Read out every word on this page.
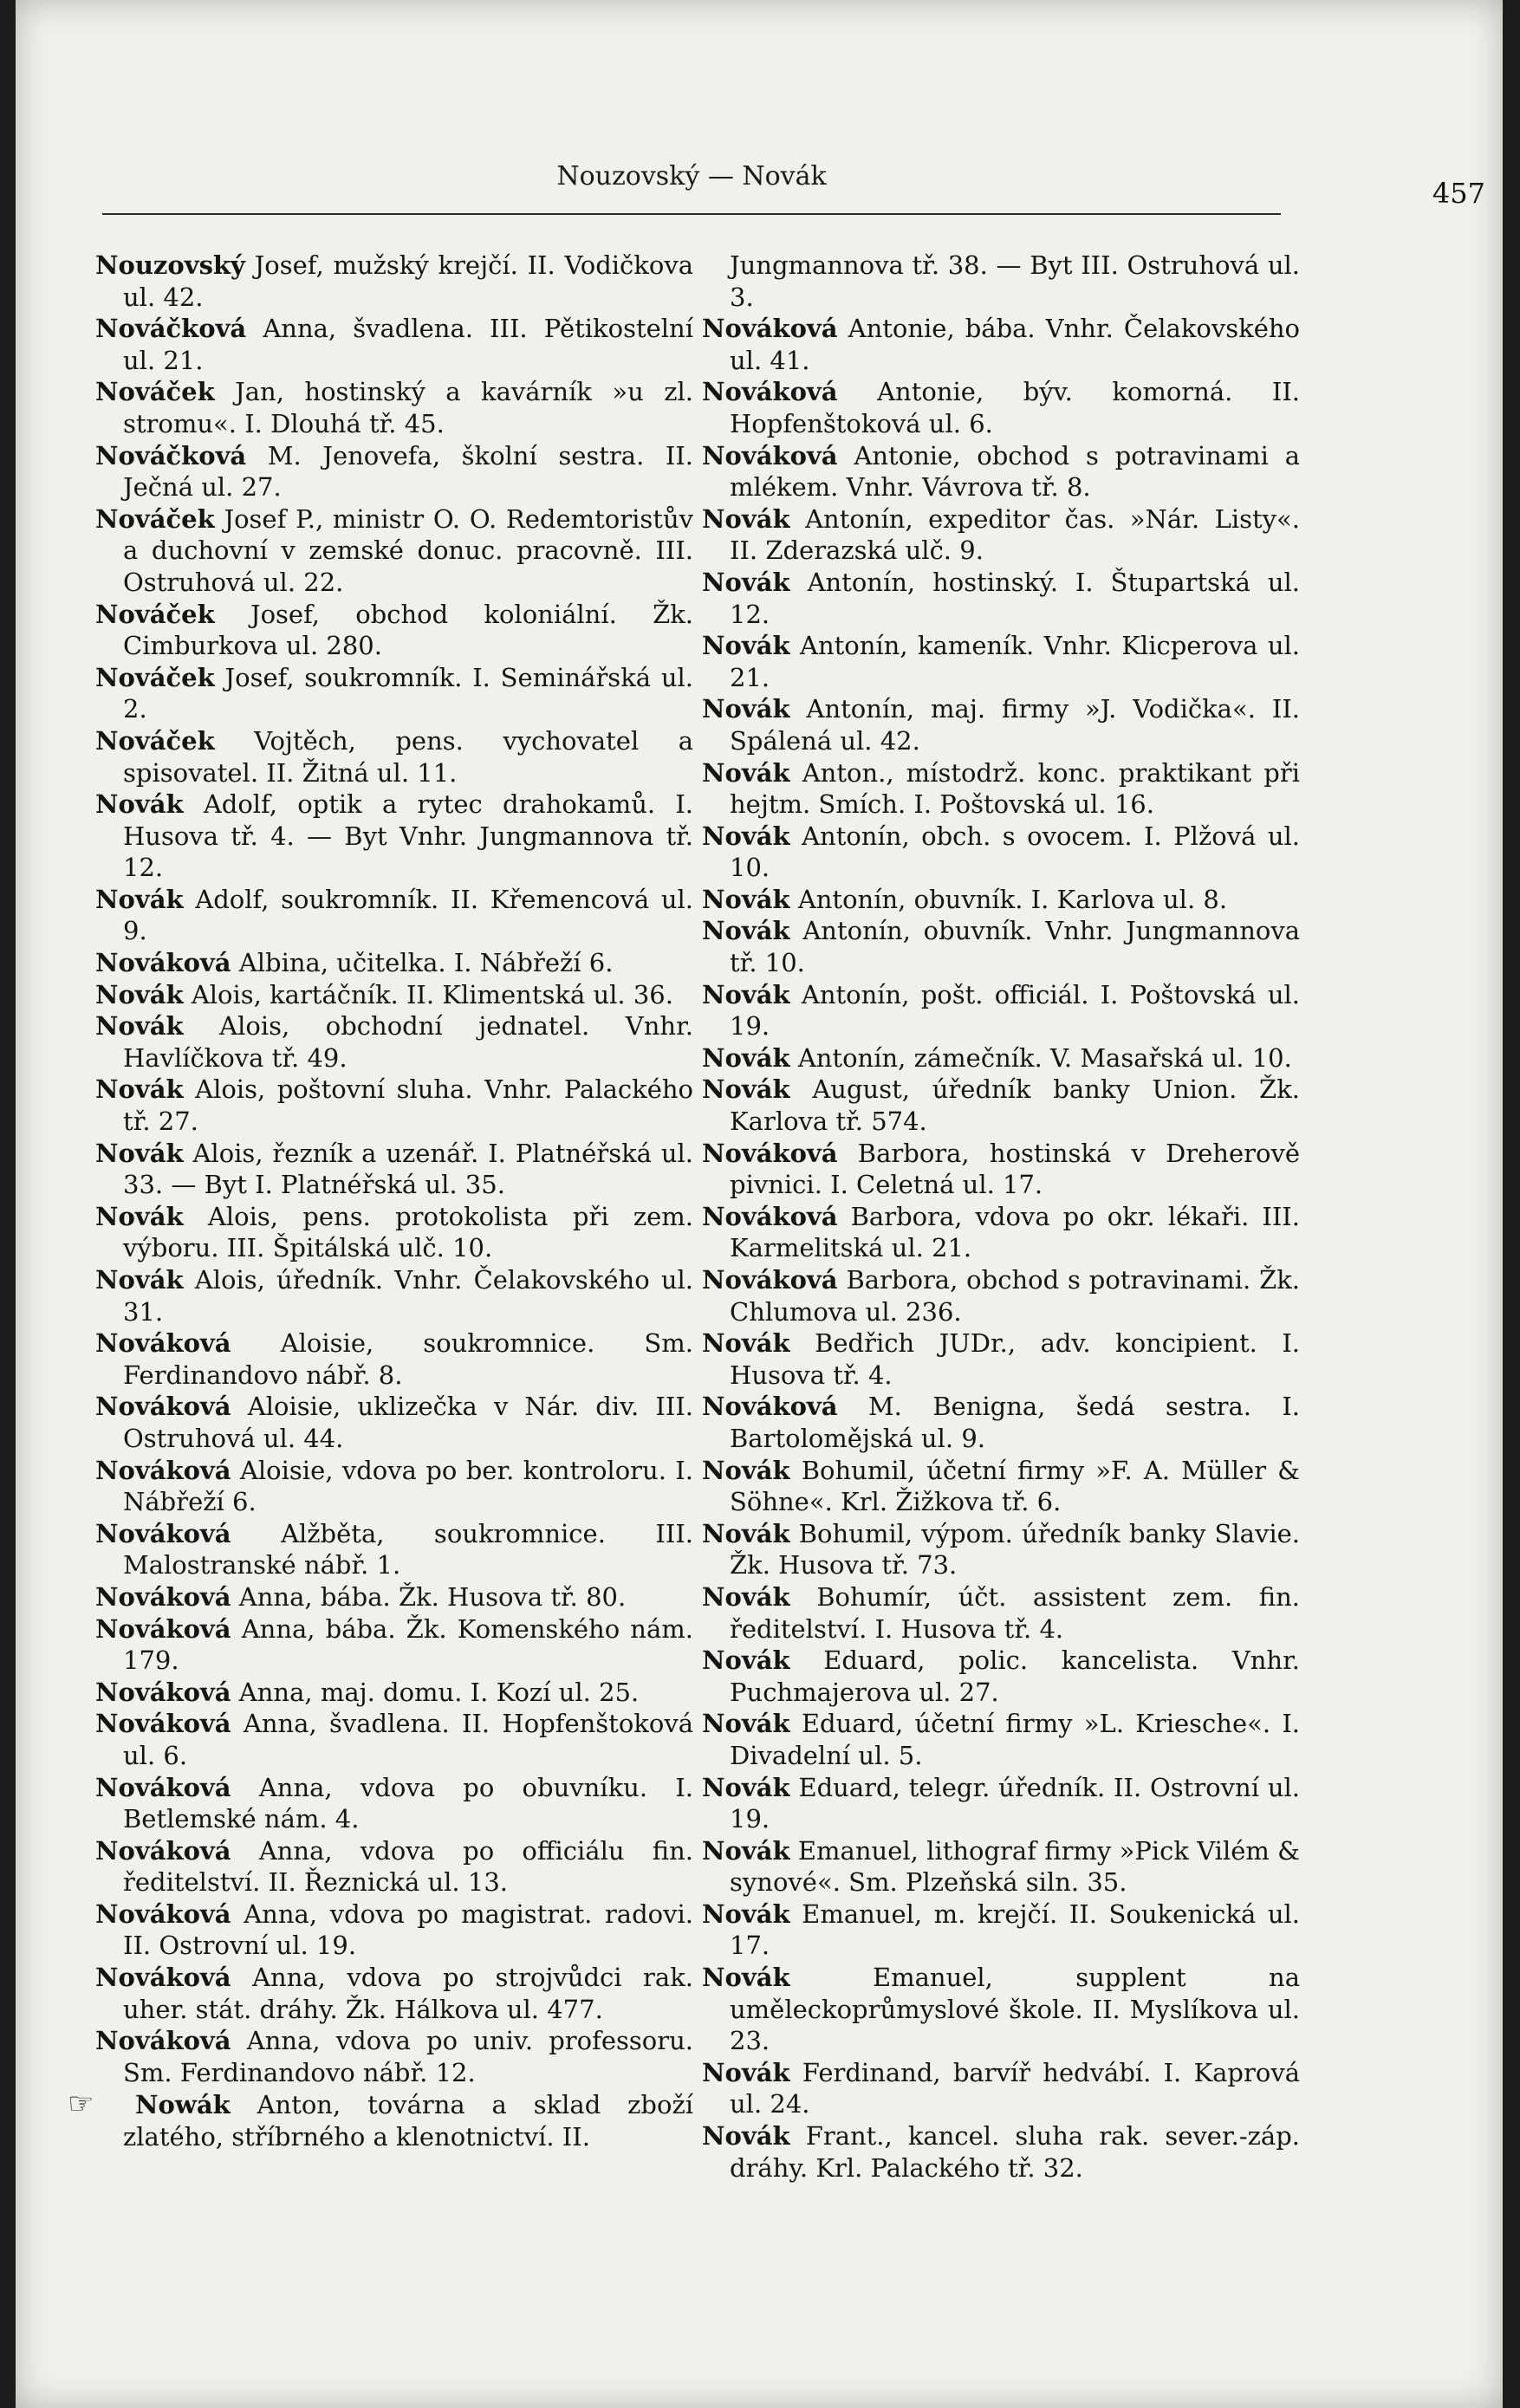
Nouzovský — Novák
457

Nouzovský Josef, mužský krejčí. II. Vodičkova ul. 42.

Nováčková Anna, švadlena. III. Pětikostelní ul. 21.

Nováček Jan, hostinský a kavárník »u zl. stromu«. I. Dlouhá tř. 45.

Nováčková M. Jenovefa, školní sestra. II. Ječná ul. 27.

Nováček Josef P., ministr O. O. Redemtoristův a duchovní v zemské donuc. pracovně. III. Ostruhová ul. 22.

Nováček Josef, obchod koloniální. Žk. Cimburkova ul. 280.

Nováček Josef, soukromník. I. Seminářská ul. 2.

Nováček Vojtěch, pens. vychovatel a spisovatel. II. Žitná ul. 11.

Novák Adolf, optik a rytec drahokamů. I. Husova tř. 4. — Byt Vnhr. Jungmannova tř. 12.

Novák Adolf, soukromník. II. Křemencová ul. 9.

Nováková Albina, učitelka. I. Nábřeží 6.

Novák Alois, kartáčník. II. Klimentská ul. 36.

Novák Alois, obchodní jednatel. Vnhr. Havlíčkova tř. 49.

Novák Alois, poštovní sluha. Vnhr. Palackého tř. 27.

Novák Alois, řezník a uzenář. I. Platnéřská ul. 33. — Byt I. Platnéřská ul. 35.

Novák Alois, pens. protokolista při zem. výboru. III. Špitálská ulč. 10.

Novák Alois, úředník. Vnhr. Čelakovského ul. 31.

Nováková Aloisie, soukromnice. Sm. Ferdinandovo nábř. 8.

Nováková Aloisie, uklizečka v Nár. div. III. Ostruhová ul. 44.

Nováková Aloisie, vdova po ber. kontroloru. I. Nábřeží 6.

Nováková Alžběta, soukromnice. III. Malostranské nábř. 1.

Nováková Anna, bába. Žk. Husova tř. 80.

Nováková Anna, bába. Žk. Komenského nám. 179.

Nováková Anna, maj. domu. I. Kozí ul. 25.

Nováková Anna, švadlena. II. Hopfenštoková ul. 6.

Nováková Anna, vdova po obuvníku. I. Betlemské nám. 4.

Nováková Anna, vdova po officiálu fin. ředitelství. II. Řeznická ul. 13.

Nováková Anna, vdova po magistrat. radovi. II. Ostrovní ul. 19.

Nováková Anna, vdova po strojvůdci rak. uher. stát. dráhy. Žk. Hálkova ul. 477.

Nováková Anna, vdova po univ. professoru. Sm. Ferdinandovo nábř. 12.

☞ Nowák Anton, továrna a sklad zboží zlatého, stříbrného a klenotnictví. II.

Jungmannova tř. 38. — Byt III. Ostruhová ul. 3.

Nováková Antonie, bába. Vnhr. Čelakovského ul. 41.

Nováková Antonie, býv. komorná. II. Hopfenštoková ul. 6.

Nováková Antonie, obchod s potravinami a mlékem. Vnhr. Vávrova tř. 8.

Novák Antonín, expeditor čas. »Nár. Listy«. II. Zderazská ulč. 9.

Novák Antonín, hostinský. I. Štupartská ul. 12.

Novák Antonín, kameník. Vnhr. Klicperova ul. 21.

Novák Antonín, maj. firmy »J. Vodička«. II. Spálená ul. 42.

Novák Anton., místodrž. konc. praktikant při hejtm. Smích. I. Poštovská ul. 16.

Novák Antonín, obch. s ovocem. I. Plžová ul. 10.

Novák Antonín, obuvník. I. Karlova ul. 8.

Novák Antonín, obuvník. Vnhr. Jungmannova tř. 10.

Novák Antonín, pošt. officiál. I. Poštovská ul. 19.

Novák Antonín, zámečník. V. Masařská ul. 10.

Novák August, úředník banky Union. Žk. Karlova tř. 574.

Nováková Barbora, hostinská v Dreherově pivnici. I. Celetná ul. 17.

Nováková Barbora, vdova po okr. lékaři. III. Karmelitská ul. 21.

Nováková Barbora, obchod s potravinami. Žk. Chlumova ul. 236.

Novák Bedřich JUDr., adv. koncipient. I. Husova tř. 4.

Nováková M. Benigna, šedá sestra. I. Bartolomějská ul. 9.

Novák Bohumil, účetní firmy »F. A. Müller & Söhne«. Krl. Žižkova tř. 6.

Novák Bohumil, výpom. úředník banky Slavie. Žk. Husova tř. 73.

Novák Bohumír, účt. assistent zem. fin. ředitelství. I. Husova tř. 4.

Novák Eduard, polic. kancelista. Vnhr. Puchmajerova ul. 27.

Novák Eduard, účetní firmy »L. Kriesche«. I. Divadelní ul. 5.

Novák Eduard, telegr. úředník. II. Ostrovní ul. 19.

Novák Emanuel, lithograf firmy »Pick Vilém & synové«. Sm. Plzeňská siln. 35.

Novák Emanuel, m. krejčí. II. Soukenická ul. 17.

Novák	Emanuel, supplent na uměleckoprůmyslové škole. II. Myslíkova ul. 23.

Novák Ferdinand, barvíř hedvábí. I. Kaprová ul. 24.

Novák Frant., kancel. sluha rak. sever.-záp. dráhy. Krl. Palackého tř. 32.
